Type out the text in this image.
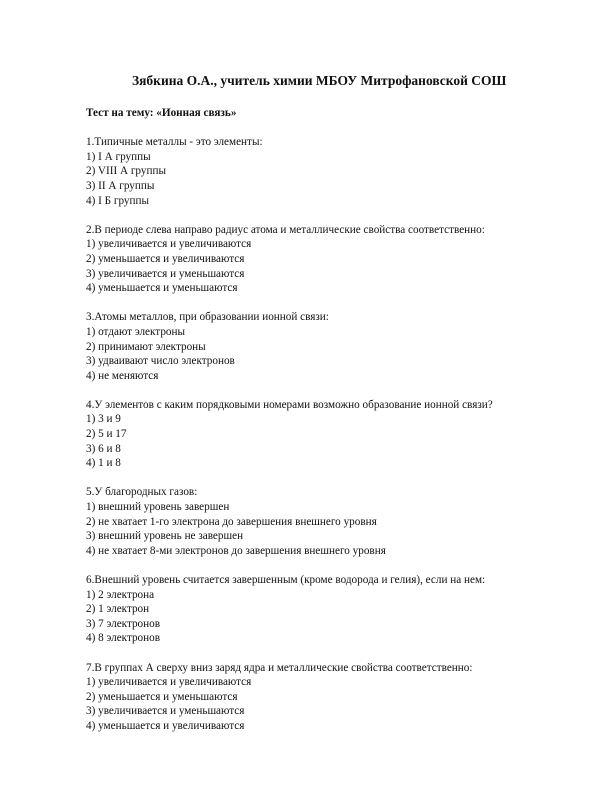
Зябкина О.А., учитель химии МБОУ Митрофановской СОШ
Тест на тему: «Ионная связь»
1.Типичные металлы - это элементы:
1) I А группы
2) VIII А группы
3) II А группы
4) I Б группы
2.В периоде слева направо радиус атома и металлические свойства соответственно:
1) увеличивается и увеличиваются
2) уменьшается и увеличиваются
3) увеличивается и уменьшаются
4) уменьшается и уменьшаются
3.Атомы металлов, при образовании ионной связи:
1) отдают электроны
2) принимают электроны
3) удваивают число электронов
4) не меняются
4.У элементов с каким порядковыми номерами возможно образование ионной связи?
1) 3 и 9
2) 5 и 17
3) 6 и 8
4) 1 и 8
5.У благородных газов:
1) внешний уровень завершен
2) не хватает 1-го электрона до завершения внешнего уровня
3) внешний уровень не завершен
4) не хватает 8-ми электронов до завершения внешнего уровня
6.Внешний уровень считается завершенным (кроме водорода и гелия), если на нем:
1) 2 электрона
2) 1 электрон
3) 7 электронов
4) 8 электронов
7.В группах А сверху вниз заряд ядра и металлические свойства соответственно:
1) увеличивается и увеличиваются
2) уменьшается и уменьшаются
3) увеличивается и уменьшаются
4) уменьшается и увеличиваются
